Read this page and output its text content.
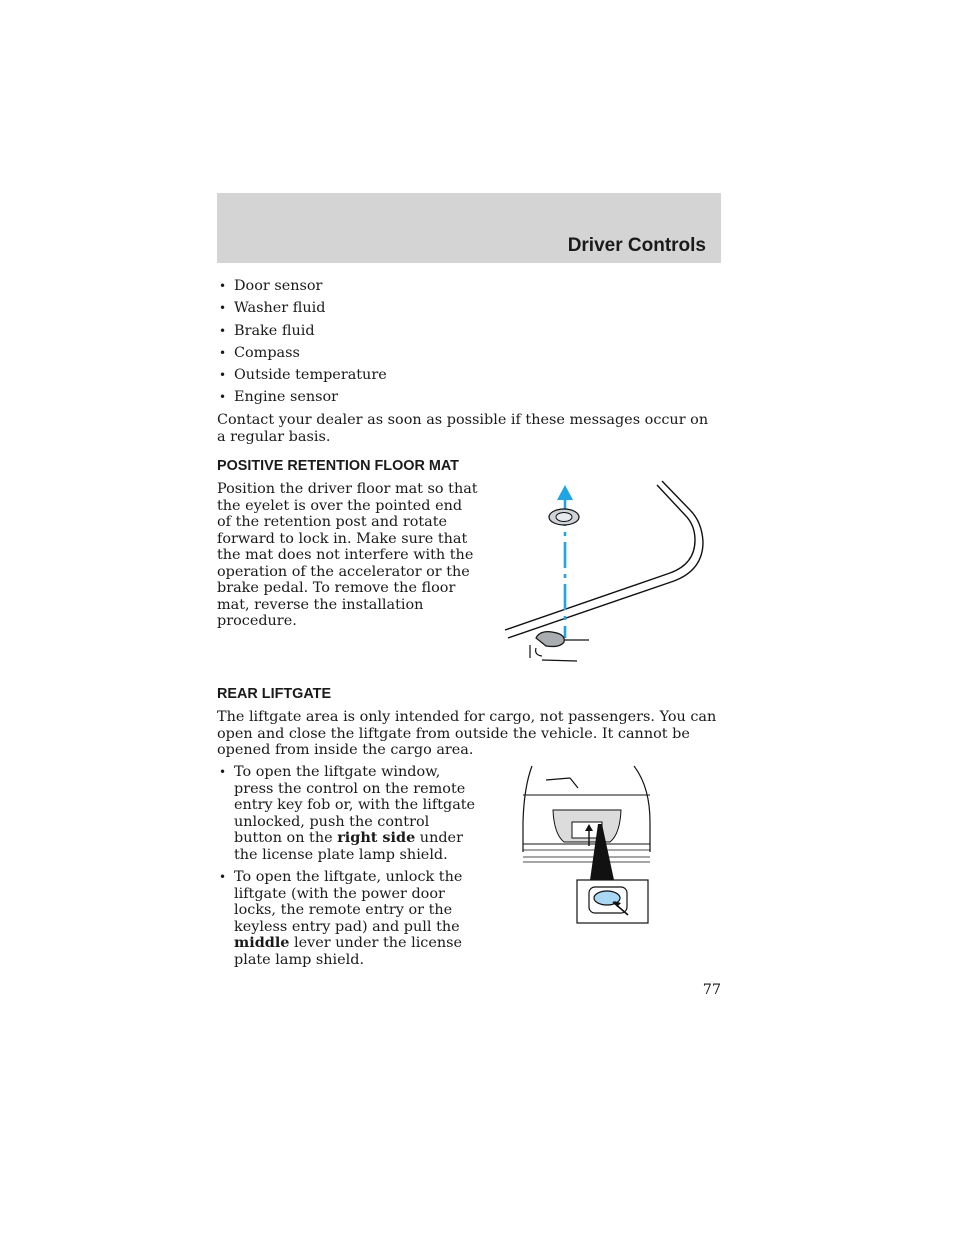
Driver Controls
• Door sensor
• Washer fluid
• Brake fluid
• Compass
• Outside temperature
• Engine sensor

Contact your dealer as soon as possible if these messages occur on a regular basis.

POSITIVE RETENTION FLOOR MAT

Position the driver floor mat so that the eyelet is over the pointed end of the retention post and rotate forward to lock in. Make sure that the mat does not interfere with the operation of the accelerator or the brake pedal. To remove the floor mat, reverse the installation procedure.

REAR LIFTGATE

The liftgate area is only intended for cargo, not passengers. You can open and close the liftgate from outside the vehicle. It cannot be opened from inside the cargo area.

• To open the liftgate window, press the control on the remote entry key fob or, with the liftgate unlocked, push the control button on the right side under the license plate lamp shield.
• To open the liftgate, unlock the liftgate (with the power door locks, the remote entry or the keyless entry pad) and pull the middle lever under the license plate lamp shield.
77
